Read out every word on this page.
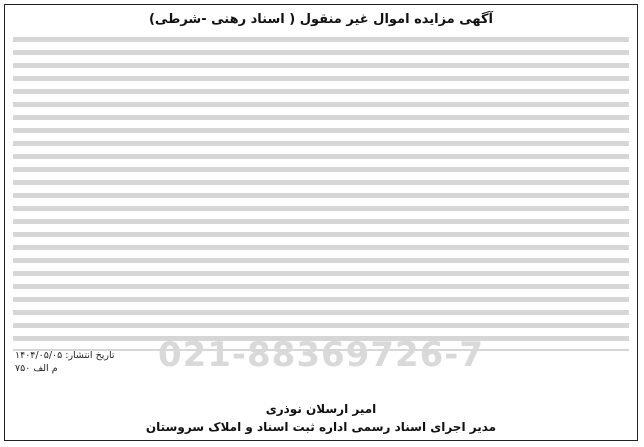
آگهی مزایده اموال غیر منقول ( اسناد رهنی -شرطی)
021-88369726-7
تاریخ انتشار: ۱۴۰۴/۰۵/۰۵
م الف ۷۵۰
امیر ارسلان نوذری
مدیر اجرای اسناد رسمی اداره ثبت اسناد و املاک سروستان
